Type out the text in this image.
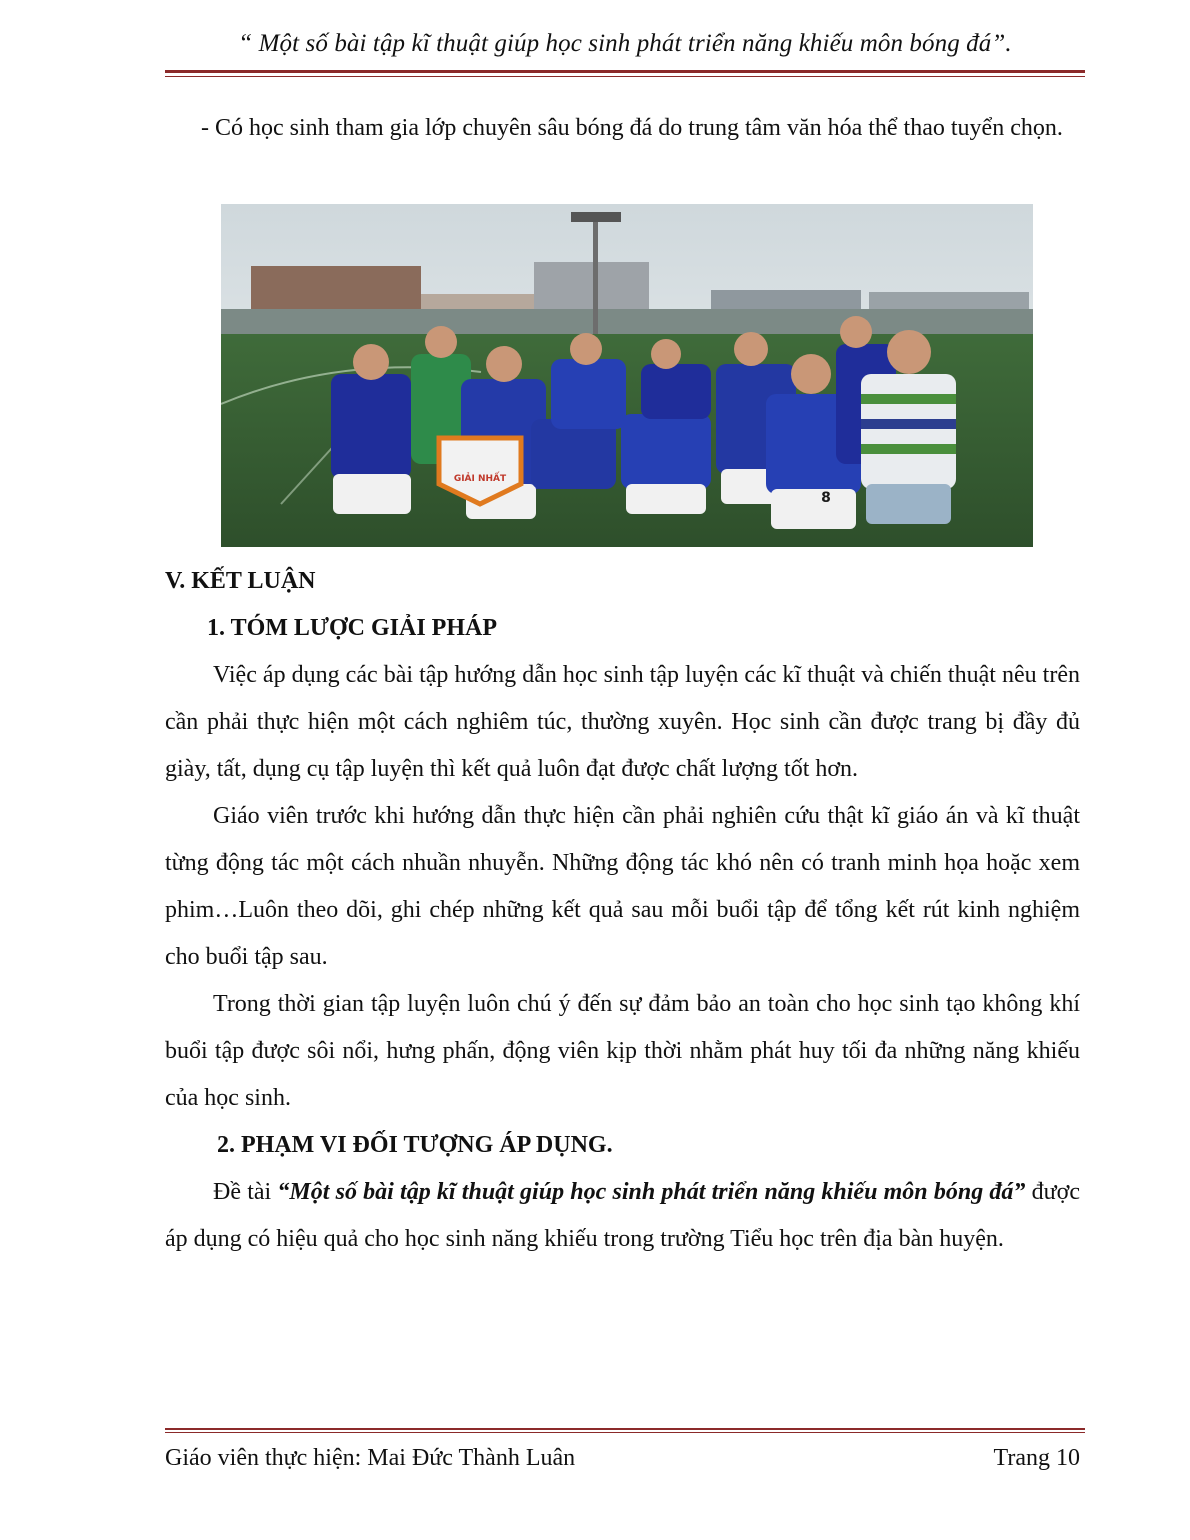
“ Một số bài tập kĩ thuật giúp học sinh phát triển năng khiếu môn bóng đá”.

- Có học sinh tham gia lớp chuyên sâu bóng đá do trung tâm văn hóa thể thao tuyển chọn.

GIẢI NHẤT
8

V. KẾT LUẬN

1. TÓM LƯỢC GIẢI PHÁP

Việc áp dụng các bài tập hướng dẫn học sinh tập luyện các kĩ thuật và chiến thuật nêu trên cần phải thực hiện một cách nghiêm túc, thường xuyên. Học sinh cần được trang bị đầy đủ giày, tất, dụng cụ tập luyện thì kết quả luôn đạt được chất lượng tốt hơn.

Giáo viên trước khi hướng dẫn thực hiện cần phải nghiên cứu thật kĩ giáo án và kĩ thuật từng động tác một cách nhuần nhuyễn. Những động tác khó nên có tranh minh họa hoặc xem phim…Luôn theo dõi, ghi chép những kết quả sau mỗi buổi tập để tổng kết rút kinh nghiệm cho buổi tập sau.

Trong thời gian tập luyện luôn chú ý đến sự đảm bảo an toàn cho học sinh tạo không khí buổi tập được sôi nổi, hưng phấn, động viên kịp thời nhằm phát huy tối đa những năng khiếu của học sinh.

2. PHẠM VI ĐỐI TƯỢNG ÁP DỤNG.

Đề tài “Một số bài tập kĩ thuật giúp học sinh phát triển năng khiếu môn bóng đá” được áp dụng có hiệu quả cho học sinh năng khiếu trong trường Tiểu học trên địa bàn huyện.

Giáo viên thực hiện: Mai Đức Thành Luân	Trang 10
